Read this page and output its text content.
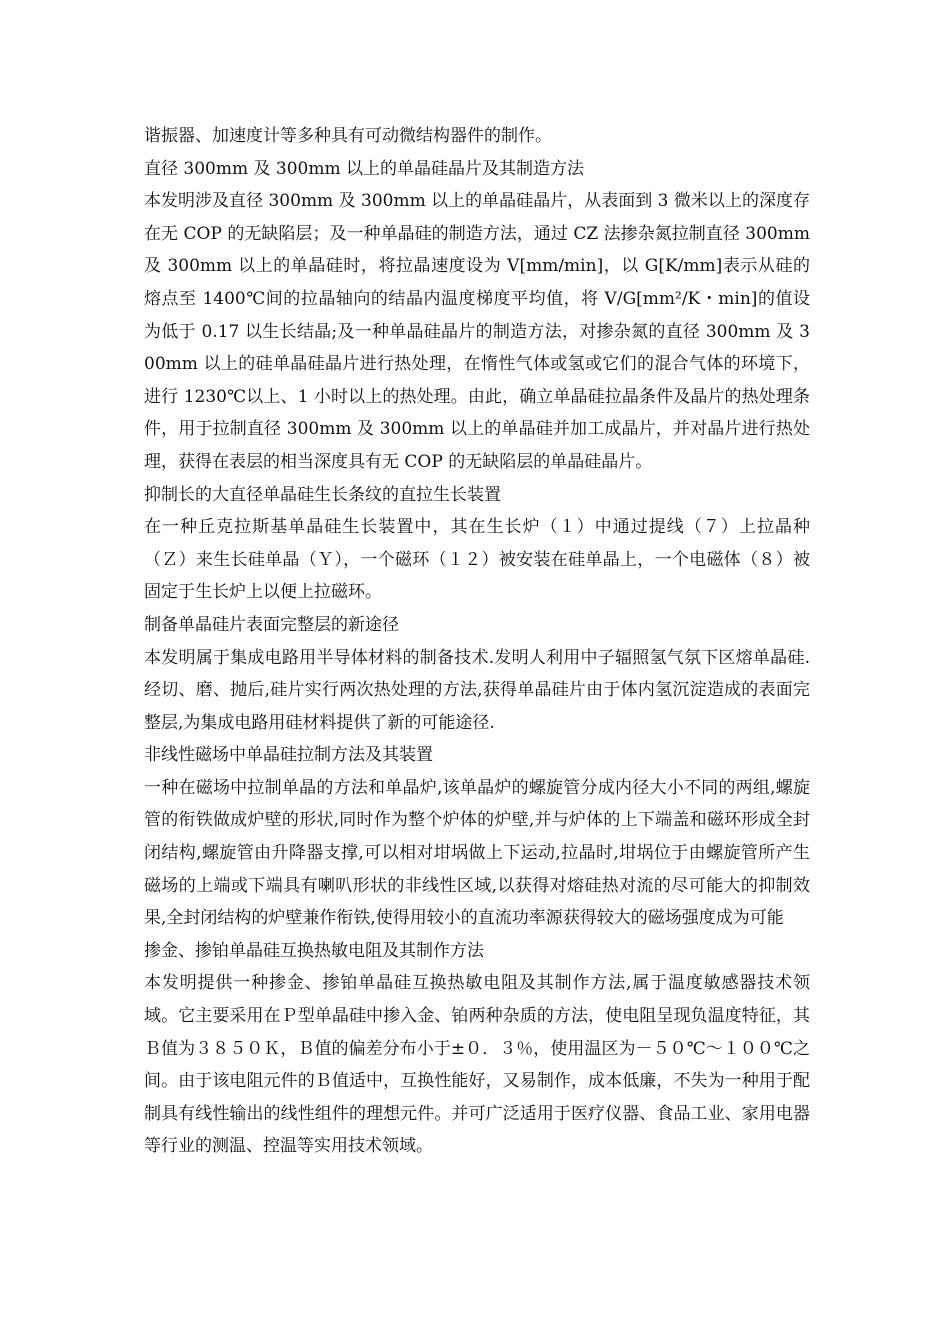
谐振器、加速度计等多种具有可动微结构器件的制作。

直径 300mm 及 300mm 以上的单晶硅晶片及其制造方法

本发明涉及直径 300mm 及 300mm 以上的单晶硅晶片，从表面到 3 微米以上的深度存在无 COP 的无缺陷层；及一种单晶硅的制造方法，通过 CZ 法掺杂氮拉制直径 300mm 及 300mm 以上的单晶硅时，将拉晶速度设为 V[mm/min]，以 G[K/mm]表示从硅的熔点至 1400℃间的拉晶轴向的结晶内温度梯度平均值，将 V/G[mm²/K・min]的值设为低于 0.17 以生长结晶;及一种单晶硅晶片的制造方法，对掺杂氮的直径 300mm 及 300mm 以上的硅单晶硅晶片进行热处理，在惰性气体或氢或它们的混合气体的环境下，进行 1230℃以上、1 小时以上的热处理。由此，确立单晶硅拉晶条件及晶片的热处理条件，用于拉制直径 300mm 及 300mm 以上的单晶硅并加工成晶片，并对晶片进行热处理，获得在表层的相当深度具有无 COP 的无缺陷层的单晶硅晶片。

抑制长的大直径单晶硅生长条纹的直拉生长装置

在一种丘克拉斯基单晶硅生长装置中，其在生长炉（１）中通过提线（７）上拉晶种（Ｚ）来生长硅单晶（Ｙ），一个磁环（１２）被安装在硅单晶上，一个电磁体（８）被固定于生长炉上以便上拉磁环。

制备单晶硅片表面完整层的新途径

本发明属于集成电路用半导体材料的制备技术.发明人利用中子辐照氢气氛下区熔单晶硅.经切、磨、抛后,硅片实行两次热处理的方法,获得单晶硅片由于体内氢沉淀造成的表面完整层,为集成电路用硅材料提供了新的可能途径.

非线性磁场中单晶硅拉制方法及其装置

一种在磁场中拉制单晶的方法和单晶炉,该单晶炉的螺旋管分成内径大小不同的两组,螺旋管的衔铁做成炉壁的形状,同时作为整个炉体的炉壁,并与炉体的上下端盖和磁环形成全封闭结构,螺旋管由升降器支撑,可以相对坩埚做上下运动,拉晶时,坩埚位于由螺旋管所产生磁场的上端或下端具有喇叭形状的非线性区域,以获得对熔硅热对流的尽可能大的抑制效果,全封闭结构的炉壁兼作衔铁,使得用较小的直流功率源获得较大的磁场强度成为可能

掺金、掺铂单晶硅互换热敏电阻及其制作方法

本发明提供一种掺金、掺铂单晶硅互换热敏电阻及其制作方法,属于温度敏感器技术领域。它主要采用在Ｐ型单晶硅中掺入金、铂两种杂质的方法，使电阻呈现负温度特征，其Ｂ值为３８５０Ｋ，Ｂ值的偏差分布小于±０．３％，使用温区为－５０℃～１００℃之间。由于该电阻元件的Ｂ值适中，互换性能好，又易制作，成本低廉，不失为一种用于配制具有线性输出的线性组件的理想元件。并可广泛适用于医疗仪器、食品工业、家用电器等行业的测温、控温等实用技术领域。
